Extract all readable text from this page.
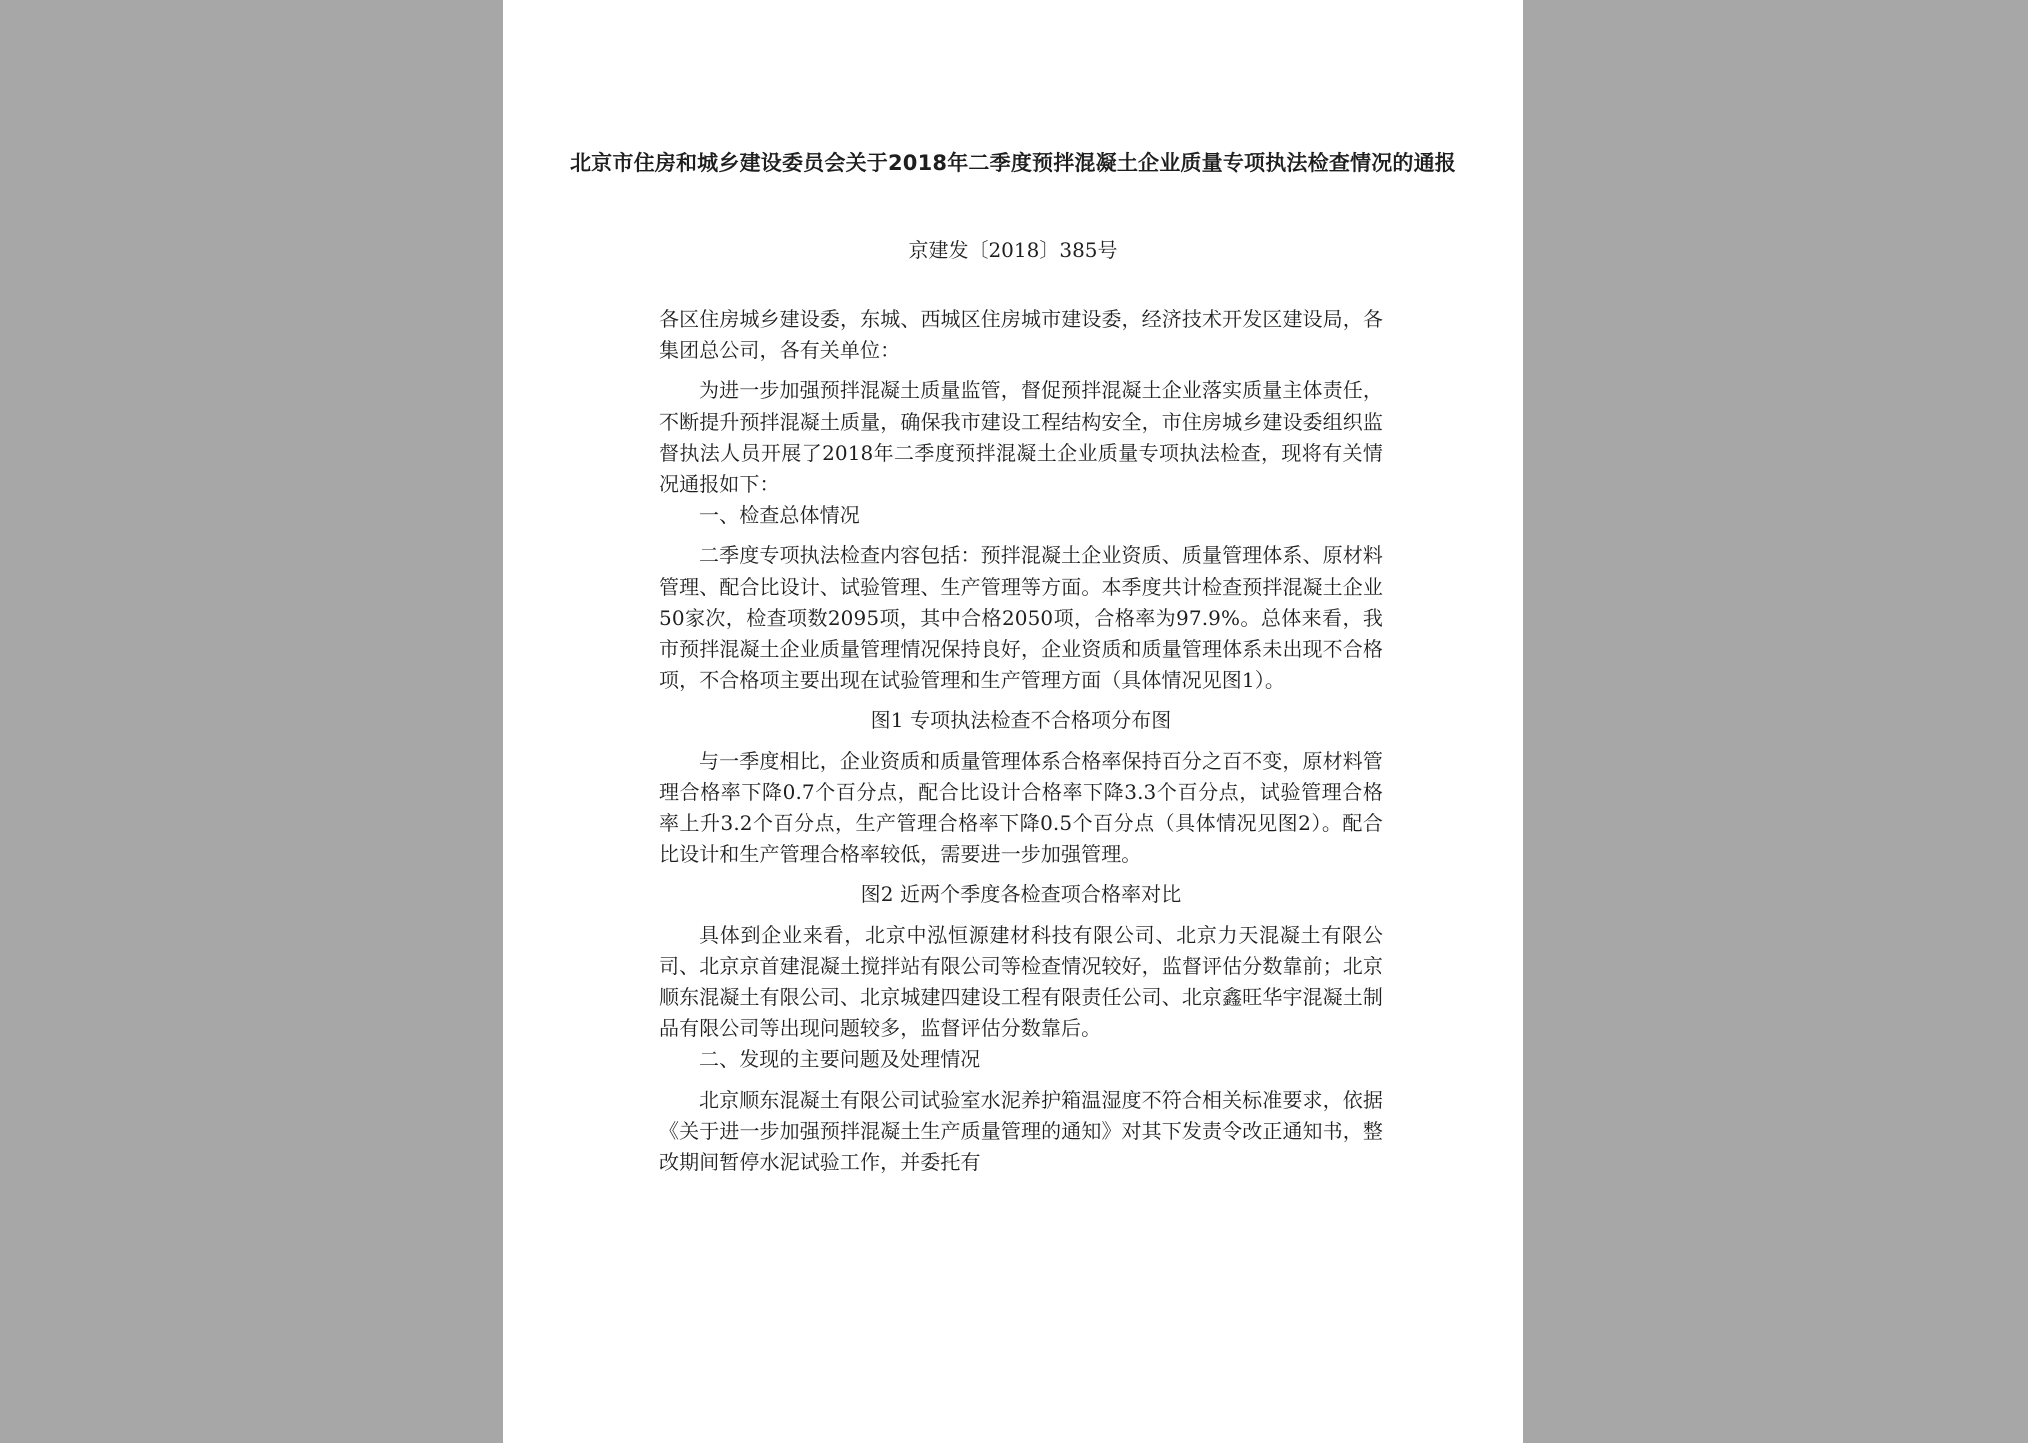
北京市住房和城乡建设委员会关于2018年二季度预拌混凝土企业质量专项执法检查情况的通报
京建发〔2018〕385号

各区住房城乡建设委，东城、西城区住房城市建设委，经济技术开发区建设局，各集团总公司，各有关单位：

为进一步加强预拌混凝土质量监管，督促预拌混凝土企业落实质量主体责任，不断提升预拌混凝土质量，确保我市建设工程结构安全，市住房城乡建设委组织监督执法人员开展了2018年二季度预拌混凝土企业质量专项执法检查，现将有关情况通报如下：

一、检查总体情况

二季度专项执法检查内容包括：预拌混凝土企业资质、质量管理体系、原材料管理、配合比设计、试验管理、生产管理等方面。本季度共计检查预拌混凝土企业50家次，检查项数2095项，其中合格2050项，合格率为97.9%。总体来看，我市预拌混凝土企业质量管理情况保持良好，企业资质和质量管理体系未出现不合格项，不合格项主要出现在试验管理和生产管理方面（具体情况见图1）。

图1 专项执法检查不合格项分布图

与一季度相比，企业资质和质量管理体系合格率保持百分之百不变，原材料管理合格率下降0.7个百分点，配合比设计合格率下降3.3个百分点，试验管理合格率上升3.2个百分点，生产管理合格率下降0.5个百分点（具体情况见图2）。配合比设计和生产管理合格率较低，需要进一步加强管理。

图2 近两个季度各检查项合格率对比

具体到企业来看，北京中泓恒源建材科技有限公司、北京力天混凝土有限公司、北京京首建混凝土搅拌站有限公司等检查情况较好，监督评估分数靠前；北京顺东混凝土有限公司、北京城建四建设工程有限责任公司、北京鑫旺华宇混凝土制品有限公司等出现问题较多，监督评估分数靠后。

二、发现的主要问题及处理情况

北京顺东混凝土有限公司试验室水泥养护箱温湿度不符合相关标准要求，依据《关于进一步加强预拌混凝土生产质量管理的通知》对其下发责令改正通知书，整改期间暂停水泥试验工作，并委托有
